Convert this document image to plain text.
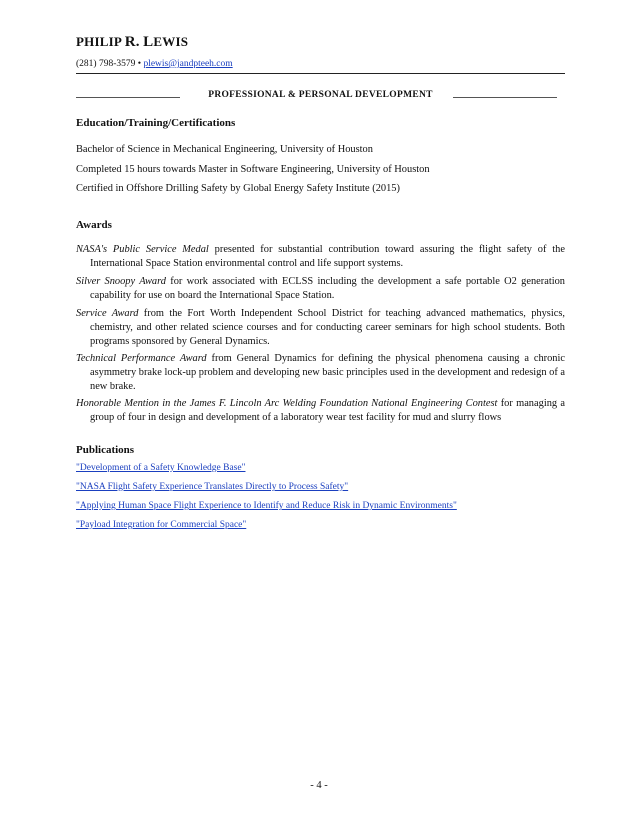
PHILIP R. LEWIS
(281) 798-3579 • plewis@jandpteeh.com
PROFESSIONAL & PERSONAL DEVELOPMENT
Education/Training/Certifications
Bachelor of Science in Mechanical Engineering, University of Houston
Completed 15 hours towards Master in Software Engineering, University of Houston
Certified in Offshore Drilling Safety by Global Energy Safety Institute (2015)
Awards
NASA's Public Service Medal presented for substantial contribution toward assuring the flight safety of the International Space Station environmental control and life support systems.
Silver Snoopy Award for work associated with ECLSS including the development a safe portable O2 generation capability for use on board the International Space Station.
Service Award from the Fort Worth Independent School District for teaching advanced mathematics, physics, chemistry, and other related science courses and for conducting career seminars for high school students. Both programs sponsored by General Dynamics.
Technical Performance Award from General Dynamics for defining the physical phenomena causing a chronic asymmetry brake lock-up problem and developing new basic principles used in the development and redesign of a new brake.
Honorable Mention in the James F. Lincoln Arc Welding Foundation National Engineering Contest for managing a group of four in design and development of a laboratory wear test facility for mud and slurry flows
Publications
"Development of a Safety Knowledge Base"
"NASA Flight Safety Experience Translates Directly to Process Safety"
"Applying Human Space Flight Experience to Identify and Reduce Risk in Dynamic Environments"
"Payload Integration for Commercial Space"
- 4 -
